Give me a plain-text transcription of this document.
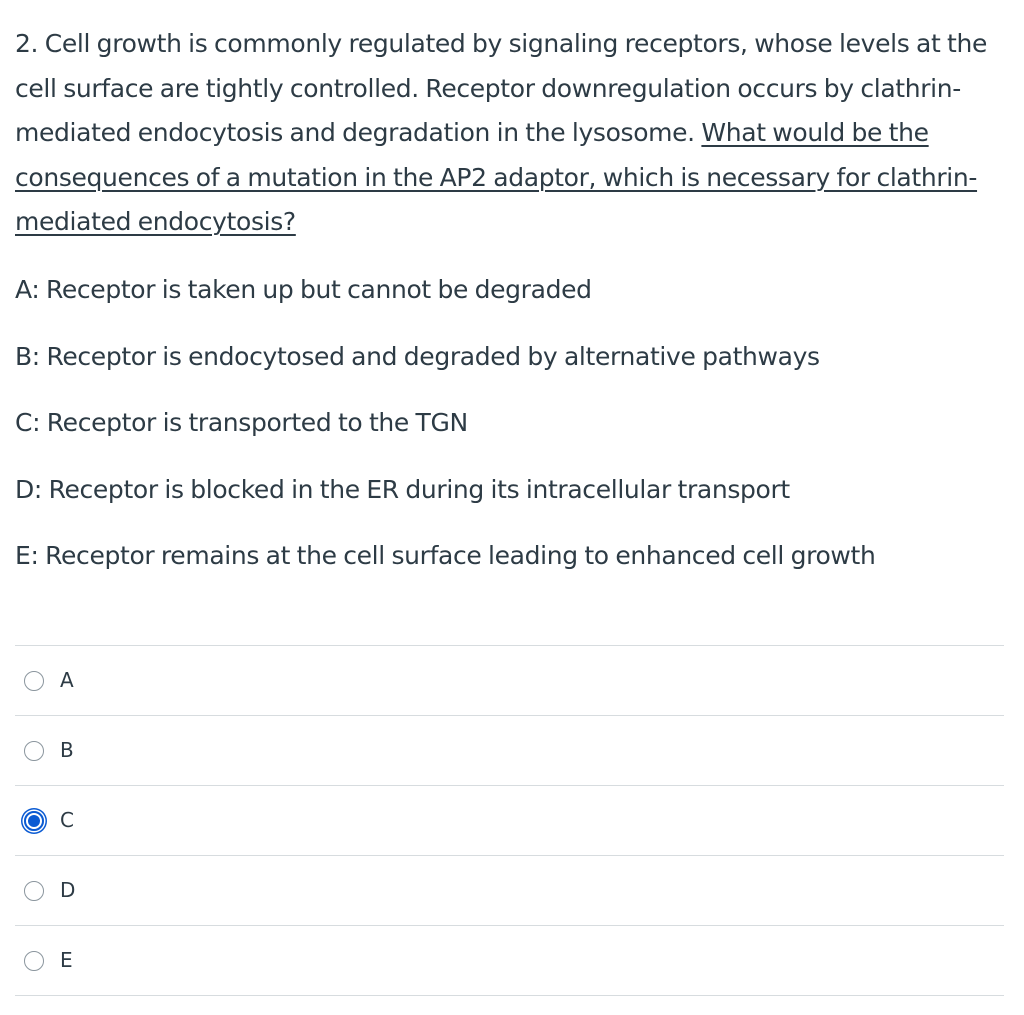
2. Cell growth is commonly regulated by signaling receptors, whose levels at the cell surface are tightly controlled. Receptor downregulation occurs by clathrin-mediated endocytosis and degradation in the lysosome. What would be the consequences of a mutation in the AP2 adaptor, which is necessary for clathrin-mediated endocytosis?

A: Receptor is taken up but cannot be degraded

B: Receptor is endocytosed and degraded by alternative pathways

C: Receptor is transported to the TGN

D: Receptor is blocked in the ER during its intracellular transport

E: Receptor remains at the cell surface leading to enhanced cell growth

A
B
C
D
E
